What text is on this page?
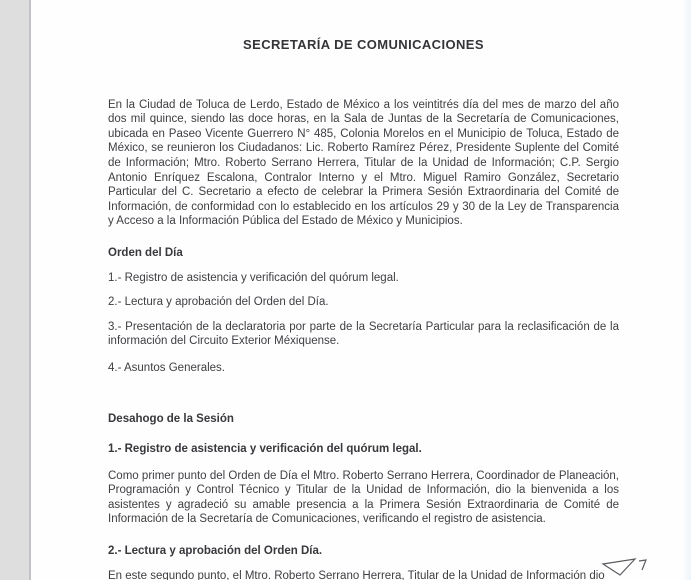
SECRETARÍA DE COMUNICACIONES

En la Ciudad de Toluca de Lerdo, Estado de México a los veintitrés día del mes de marzo del año dos mil quince, siendo las doce horas, en la Sala de Juntas de la Secretaría de Comunicaciones, ubicada en Paseo Vicente Guerrero N° 485, Colonia Morelos en el Municipio de Toluca, Estado de México, se reunieron los Ciudadanos: Lic. Roberto Ramírez Pérez, Presidente Suplente del Comité de Información; Mtro. Roberto Serrano Herrera, Titular de la Unidad de Información; C.P. Sergio Antonio Enríquez Escalona, Contralor Interno y el Mtro. Miguel Ramiro González, Secretario Particular del C. Secretario a efecto de celebrar la Primera Sesión Extraordinaria del Comité de Información, de conformidad con lo establecido en los artículos 29 y 30 de la Ley de Transparencia y Acceso a la Información Pública del Estado de México y Municipios.

Orden del Día

1.- Registro de asistencia y verificación del quórum legal.

2.- Lectura y aprobación del Orden del Día.

3.- Presentación de la declaratoria por parte de la Secretaría Particular para la reclasificación de la información del Circuito Exterior Méxiquense.

4.- Asuntos Generales.

Desahogo de la Sesión
1.- Registro de asistencia y verificación del quórum legal.

Como primer punto del Orden de Día el Mtro. Roberto Serrano Herrera, Coordinador de Planeación, Programación y Control Técnico y Titular de la Unidad de Información, dio la bienvenida a los asistentes y agradeció su amable presencia a la Primera Sesión Extraordinaria de Comité de Información de la Secretaría de Comunicaciones, verificando el registro de asistencia.

2.- Lectura y aprobación del Orden Día.

En este segundo punto, el Mtro. Roberto Serrano Herrera, Titular de la Unidad de Información dio
